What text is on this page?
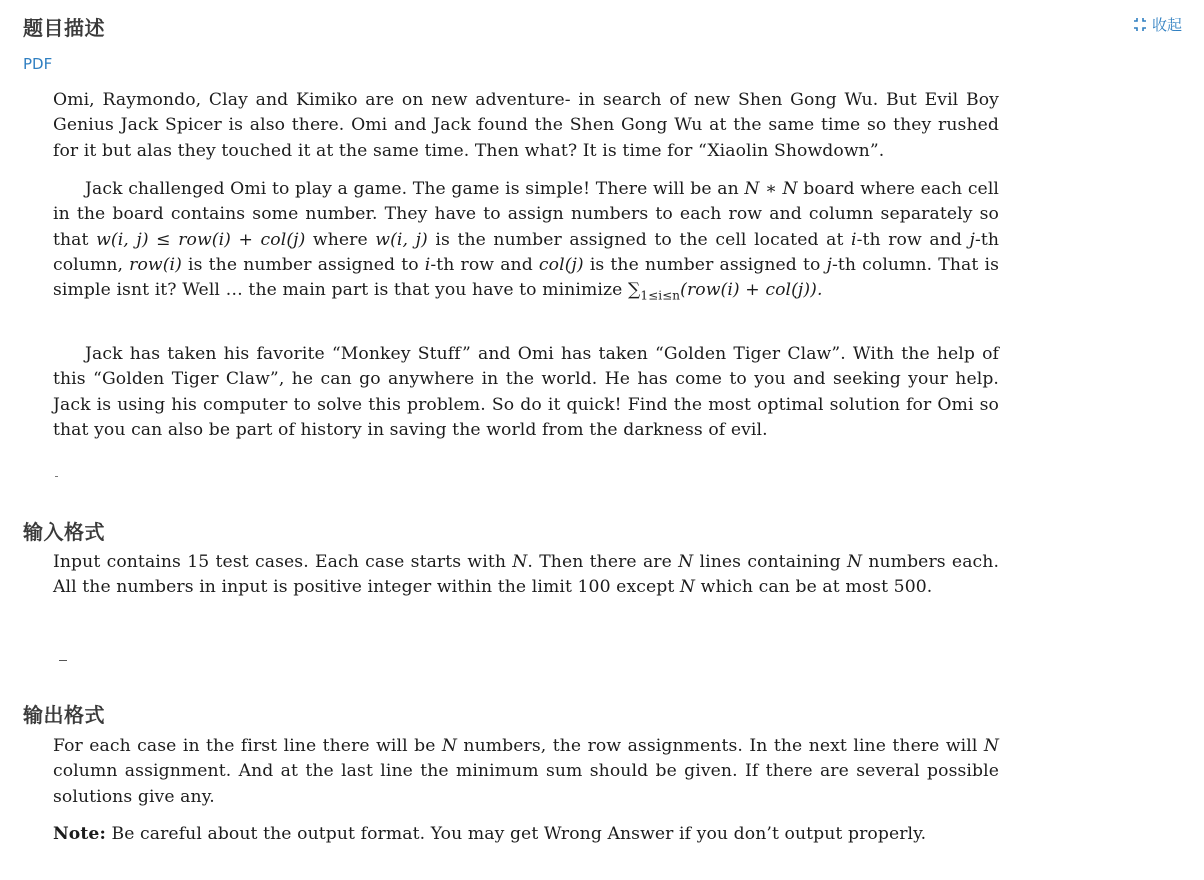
题目描述	收起
PDF

Omi, Raymondo, Clay and Kimiko are on new adventure- in search of new Shen Gong Wu. But Evil Boy Genius Jack Spicer is also there. Omi and Jack found the Shen Gong Wu at the same time so they rushed for it but alas they touched it at the same time. Then what? It is time for “Xiaolin Showdown”.

Jack challenged Omi to play a game. The game is simple! There will be an N ∗ N board where each cell in the board contains some number. They have to assign numbers to each row and column separately so that w(i, j) ≤ row(i) + col(j) where w(i, j) is the number assigned to the cell located at i-th row and j-th column, row(i) is the number assigned to i-th row and col(j) is the number assigned to j-th column. That is simple isnt it? Well … the main part is that you have to minimize $\sum_{1\le i\le n}(row(i) + col(j))$.

Jack has taken his favorite “Monkey Stuff” and Omi has taken “Golden Tiger Claw”. With the help of this “Golden Tiger Claw”, he can go anywhere in the world. He has come to you and seeking your help. Jack is using his computer to solve this problem. So do it quick! Find the most optimal solution for Omi so that you can also be part of history in saving the world from the darkness of evil.

输入格式

Input contains 15 test cases. Each case starts with N. Then there are N lines containing N numbers each. All the numbers in input is positive integer within the limit 100 except N which can be at most 500.

输出格式

For each case in the first line there will be N numbers, the row assignments. In the next line there will N column assignment. And at the last line the minimum sum should be given. If there are several possible solutions give any.

Note: Be careful about the output format. You may get Wrong Answer if you don’t output properly.
